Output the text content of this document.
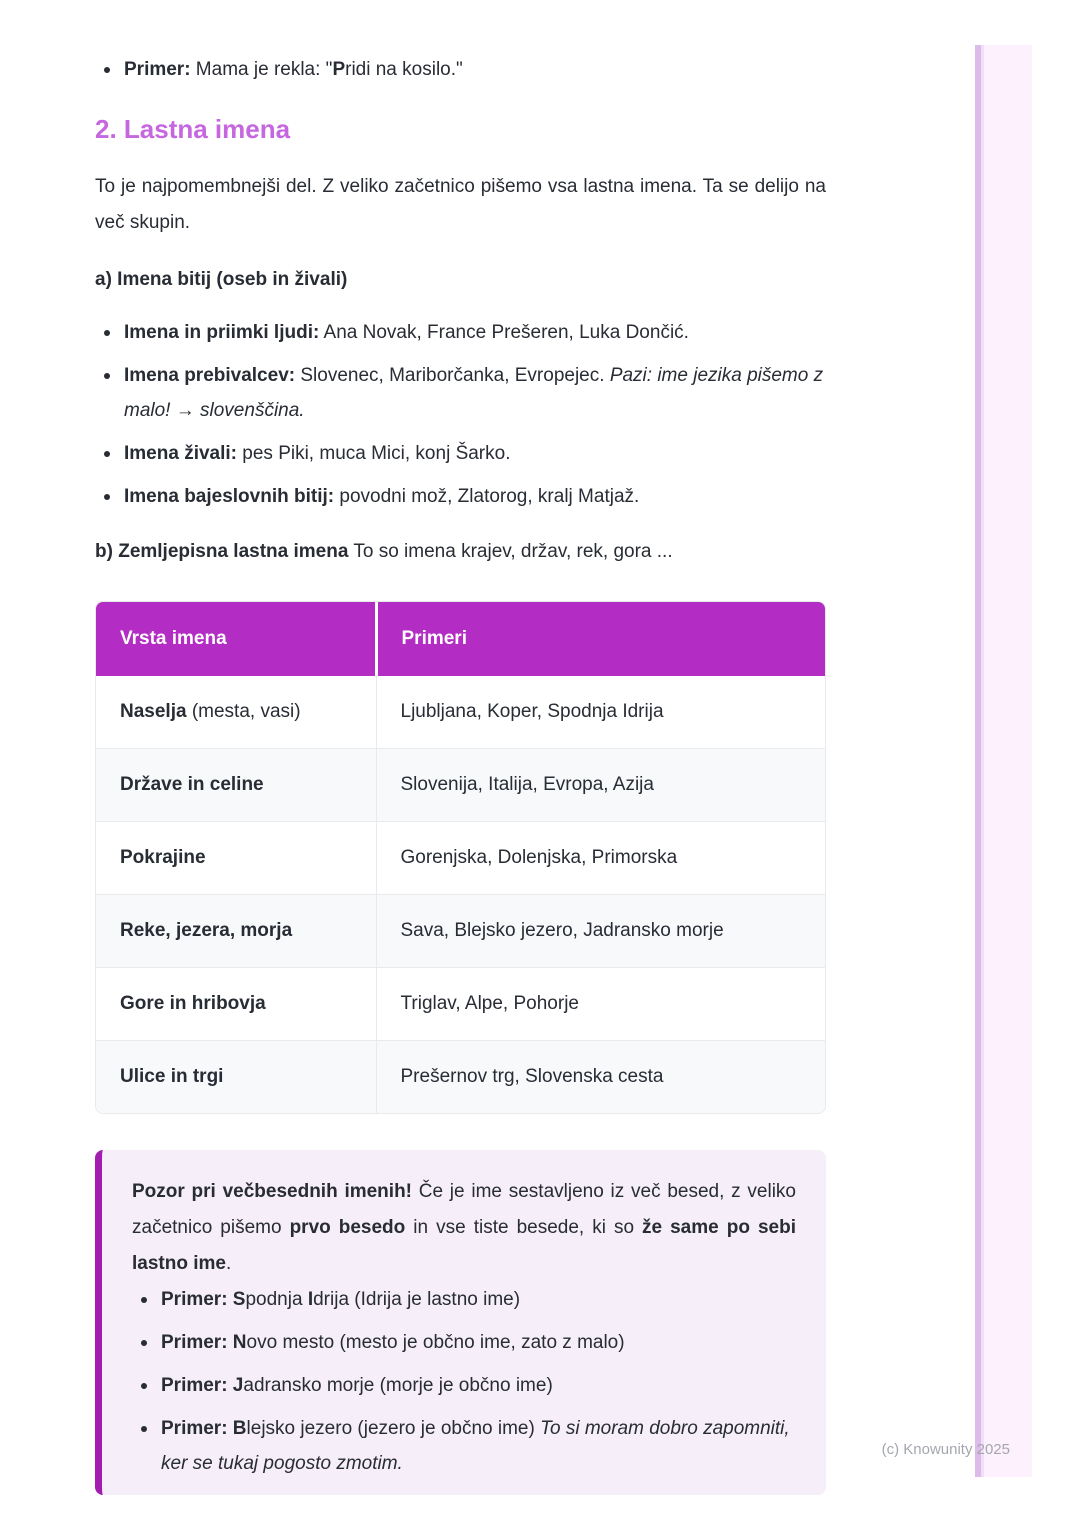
Primer: Mama je rekla: "Pridi na kosilo."
2. Lastna imena

To je najpomembnejši del. Z veliko začetnico pišemo vsa lastna imena. Ta se delijo na več skupin.

a) Imena bitij (oseb in živali)

Imena in priimki ljudi: Ana Novak, France Prešeren, Luka Dončić.
Imena prebivalcev: Slovenec, Mariborčanka, Evropejec. Pazi: ime jezika pišemo z malo! → slovenščina.
Imena živali: pes Piki, muca Mici, konj Šarko.
Imena bajeslovnih bitij: povodni mož, Zlatorog, kralj Matjaž.

b) Zemljepisna lastna imena To so imena krajev, držav, rek, gora ...

Vrsta imena	Primeri
Naselja (mesta, vasi)	Ljubljana, Koper, Spodnja Idrija
Države in celine	Slovenija, Italija, Evropa, Azija
Pokrajine	Gorenjska, Dolenjska, Primorska
Reke, jezera, morja	Sava, Blejsko jezero, Jadransko morje
Gore in hribovja	Triglav, Alpe, Pohorje
Ulice in trgi	Prešernov trg, Slovenska cesta

Pozor pri večbesednih imenih! Če je ime sestavljeno iz več besed, z veliko začetnico pišemo prvo besedo in vse tiste besede, ki so že same po sebi lastno ime.

Primer: Spodnja Idrija (Idrija je lastno ime)
Primer: Novo mesto (mesto je občno ime, zato z malo)
Primer: Jadransko morje (morje je občno ime)
Primer: Blejsko jezero (jezero je občno ime) To si moram dobro zapomniti, ker se tukaj pogosto zmotim.
(c) Knowunity 2025
